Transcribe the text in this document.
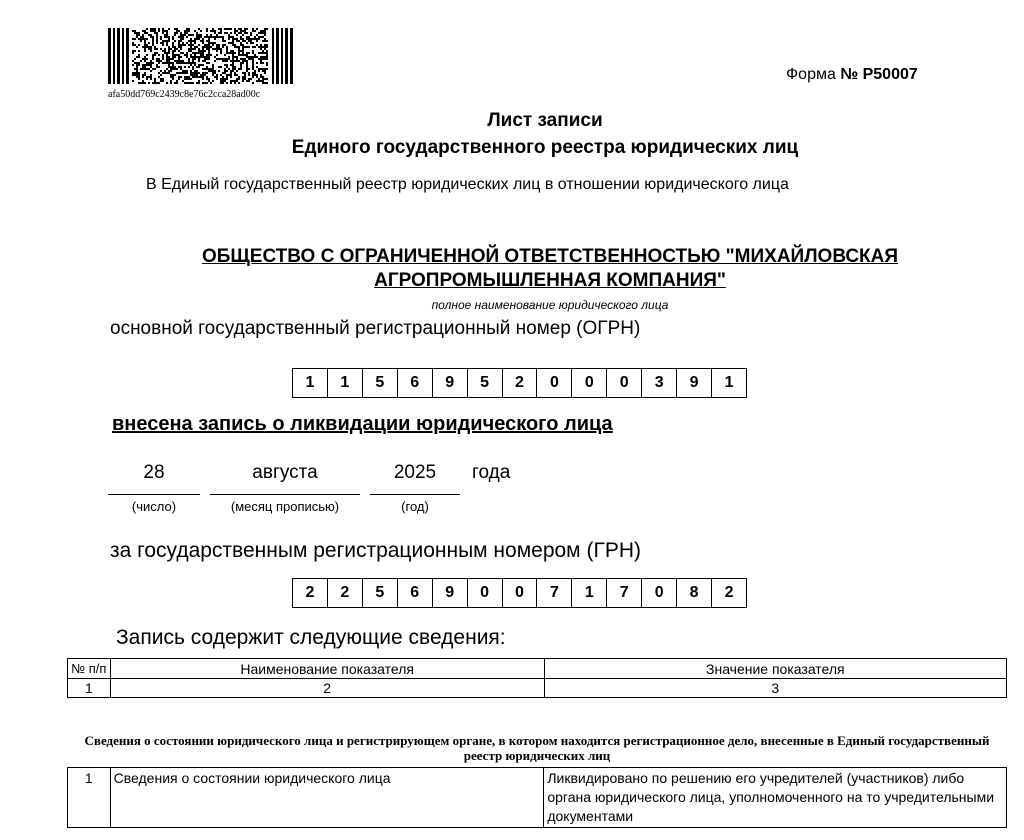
afa50dd769c2439c8e76c2cca28ad00c
Форма № Р50007
Лист записи
Единого государственного реестра юридических лиц
В Единый государственный реестр юридических лиц в отношении юридического лица
ОБЩЕСТВО С ОГРАНИЧЕННОЙ ОТВЕТСТВЕННОСТЬЮ "МИХАЙЛОВСКАЯ АГРОПРОМЫШЛЕННАЯ КОМПАНИЯ"
полное наименование юридического лица
основной государственный регистрационный номер (ОГРН)
1	1	5	6	9	5	2	0	0	0	3	9	1
внесена запись о ликвидации юридического лица
28	августа	2025	года
(число)	(месяц прописью)	(год)
за государственным регистрационным номером (ГРН)
2	2	5	6	9	0	0	7	1	7	0	8	2
Запись содержит следующие сведения:
№ п/п	Наименование показателя	Значение показателя
1	2	3
Сведения о состоянии юридического лица и регистрирующем органе, в котором находится регистрационное дело, внесенные в Единый государственный реестр юридических лиц
1	Сведения о состоянии юридического лица	Ликвидировано по решению его учредителей (участников) либо органа юридического лица, уполномоченного на то учредительными документами
